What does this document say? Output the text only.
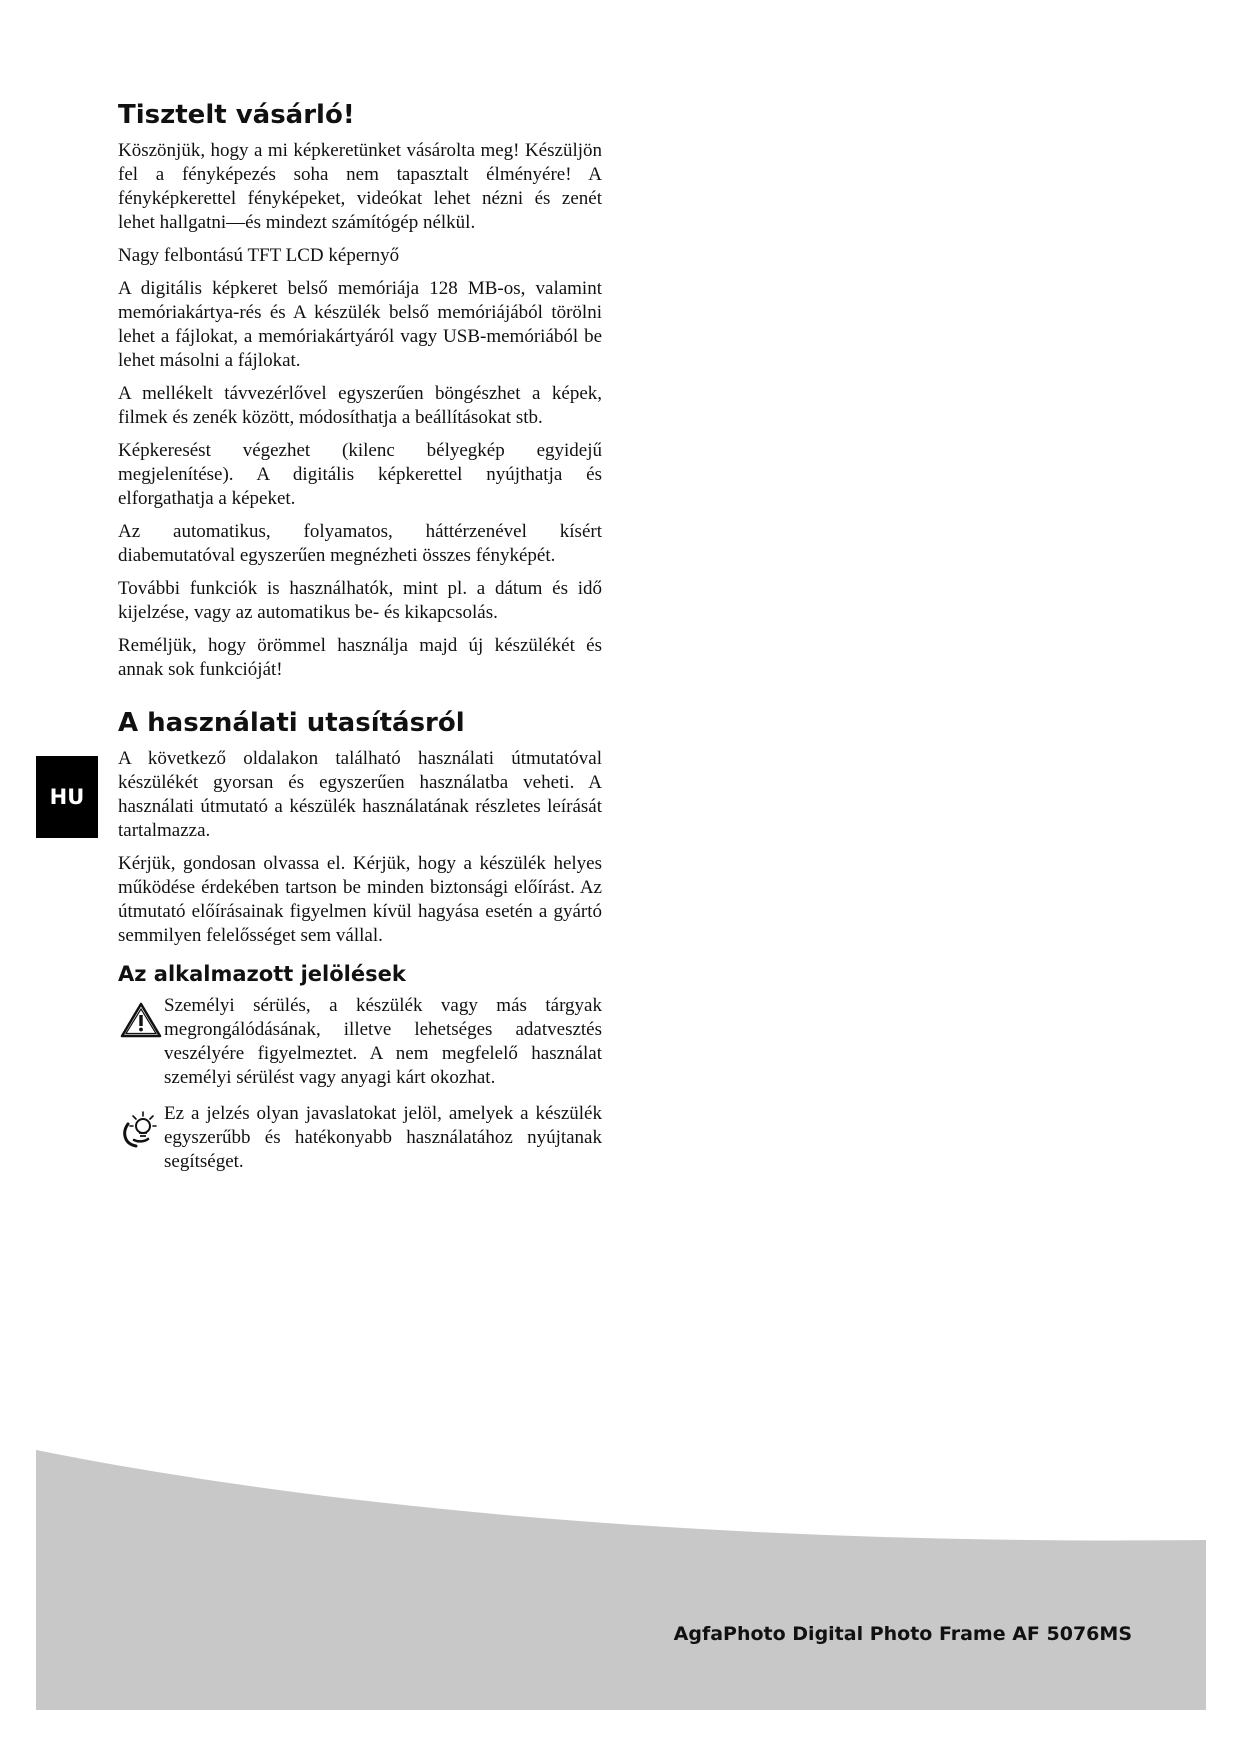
Tisztelt vásárló!

Köszönjük, hogy a mi képkeretünket vásárolta meg! Készüljön fel a fényképezés soha nem tapasztalt élményére! A fényképkerettel fényképeket, videókat lehet nézni és zenét lehet hallgatni—és mindezt számítógép nélkül.

Nagy felbontású TFT LCD képernyő

A digitális képkeret belső memóriája 128 MB-os, valamint memóriakártya-rés és A készülék belső memóriájából törölni lehet a fájlokat, a memóriakártyáról vagy USB-memóriából be lehet másolni a fájlokat.

A mellékelt távvezérlővel egyszerűen böngészhet a képek, filmek és zenék között, módosíthatja a beállításokat stb.

Képkeresést végezhet (kilenc bélyegkép egyidejű megjelenítése). A digitális képkerettel nyújthatja és elforgathatja a képeket.

Az automatikus, folyamatos, háttérzenével kísért diabemutatóval egyszerűen megnézheti összes fényképét.

További funkciók is használhatók, mint pl. a dátum és idő kijelzése, vagy az automatikus be- és kikapcsolás.

Reméljük, hogy örömmel használja majd új készülékét és annak sok funkcióját!

A használati utasításról

A következő oldalakon található használati útmutatóval készülékét gyorsan és egyszerűen használatba veheti. A használati útmutató a készülék használatának részletes leírását tartalmazza.

Kérjük, gondosan olvassa el. Kérjük, hogy a készülék helyes működése érdekében tartson be minden biztonsági előírást. Az útmutató előírásainak figyelmen kívül hagyása esetén a gyártó semmilyen felelősséget sem vállal.

Az alkalmazott jelölések

Személyi sérülés, a készülék vagy más tárgyak megrongálódásának, illetve lehetséges adatvesztés veszélyére figyelmeztet. A nem megfelelő használat személyi sérülést vagy anyagi kárt okozhat.

Ez a jelzés olyan javaslatokat jelöl, amelyek a készülék egyszerűbb és hatékonyabb használatához nyújtanak segítséget.

HU
AgfaPhoto Digital Photo Frame AF 5076MS
